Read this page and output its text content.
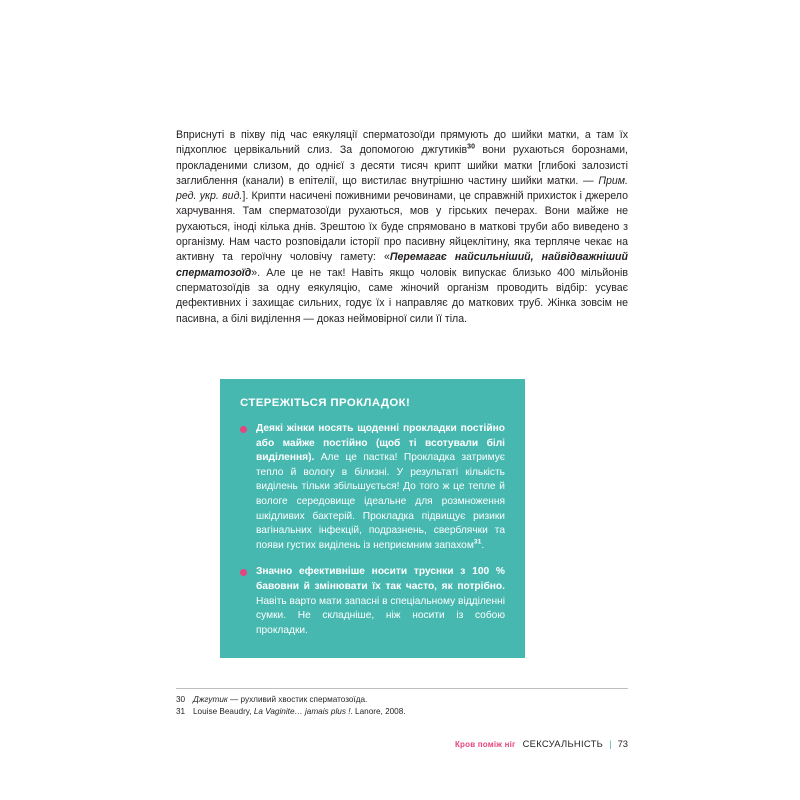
Вприснуті в піхву під час еякуляції сперматозоїди прямують до шийки матки, а там їх підхоплює цервікальний слиз. За допомогою джгутиків$^{30}$ вони рухаються борознами, прокладеними слизом, до однієї з десяти тисяч крипт шийки матки [глибокі залозисті заглиблення (канали) в епітелії, що вистилає внутрішню частину шийки матки. — Прим. ред. укр. вид.]. Крипти насичені поживними речовинами, це справжній прихисток і джерело харчування. Там сперматозоїди рухаються, мов у гірських печерах. Вони майже не рухаються, іноді кілька днів. Зрештою їх буде спрямовано в маткові труби або виведено з організму. Нам часто розповідали історії про пасивну яйцеклітину, яка терпляче чекає на активну та героїчну чоловічу гамету: «Перемагає найсильніший, найвідважніший сперматозоїд». Але це не так! Навіть якщо чоловік випускає близько 400 мільйонів сперматозоїдів за одну еякуляцію, саме жіночий організм проводить відбір: усуває дефективних і захищає сильних, годує їх і направляє до маткових труб. Жінка зовсім не пасивна, а білі виділення — доказ неймовірної сили її тіла.

СТЕРЕЖІТЬСЯ ПРОКЛАДОК!

Деякі жінки носять щоденні прокладки постійно або майже постійно (щоб ті всотували білі виділення). Але це пастка! Прокладка затримує тепло й вологу в білизні. У результаті кількість виділень тільки збільшується! До того ж це тепле й вологе середовище ідеальне для розмноження шкідливих бактерій. Прокладка підвищує ризики вагінальних інфекцій, подразнень, сверблячки та появи густих виділень із неприємним запахом$^{31}$.

Значно ефективніше носити труснки з 100 % бавовни й змінювати їх так часто, як потрібно. Навіть варто мати запасні в спеціальному відділенні сумки. Не складніше, ніж носити із собою прокладки.

30 Джгутик — рухливий хвостик сперматозоїда.

31 Louise Beaudry, La Vaginite… jamais plus !. Lanore, 2008.

Кров поміж ніг СЕКСУАЛЬНІСТЬ | 73
